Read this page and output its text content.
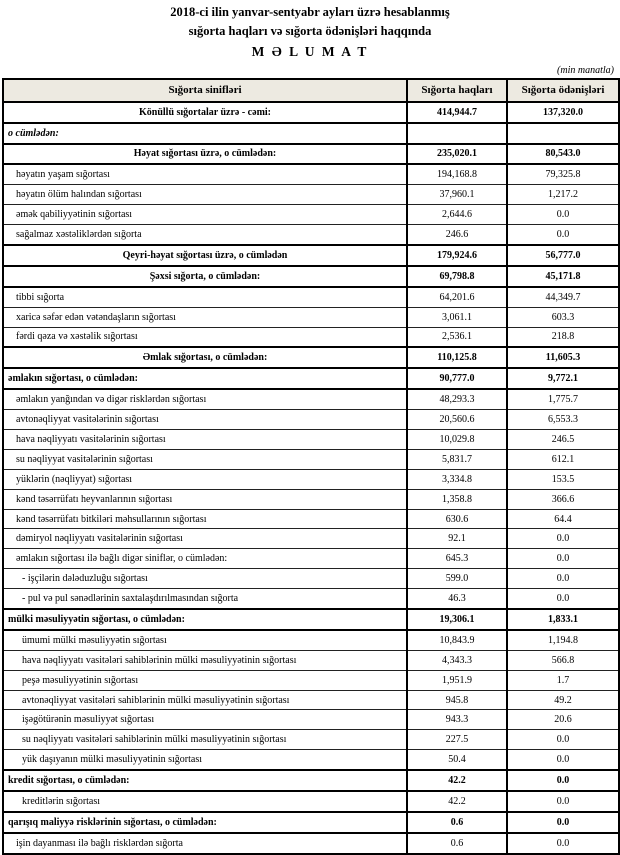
2018-ci ilin yanvar-sentyabr ayları üzrə hesablanmış
sığorta haqları və sığorta ödənişləri haqqında
M Ə L U M A T
(min manatla)
Sığorta sinifləri	Sığorta haqları	Sığorta ödənişləri
Könüllü sığortalar üzrə - cəmi:	414,944.7	137,320.0
o cümlədən:		
Həyat sığortası üzrə, o cümlədən:	235,020.1	80,543.0
həyatın yaşam sığortası	194,168.8	79,325.8
həyatın ölüm halından sığortası	37,960.1	1,217.2
əmək qabiliyyətinin sığortası	2,644.6	0.0
sağalmaz xəstəliklərdən sığorta	246.6	0.0
Qeyri-həyat sığortası üzrə, o cümlədən	179,924.6	56,777.0
Şəxsi sığorta, o cümlədən:	69,798.8	45,171.8
tibbi sığorta	64,201.6	44,349.7
xaricə səfər edən vətəndaşların sığortası	3,061.1	603.3
fərdi qəza və xəstəlik sığortası	2,536.1	218.8
Əmlak sığortası, o cümlədən:	110,125.8	11,605.3
əmlakın sığortası, o cümlədən:	90,777.0	9,772.1
əmlakın yanğından və digər risklərdən sığortası	48,293.3	1,775.7
avtonəqliyyat vasitələrinin sığortası	20,560.6	6,553.3
hava nəqliyyatı vasitələrinin sığortası	10,029.8	246.5
su nəqliyyat vasitələrinin sığortası	5,831.7	612.1
yüklərin (nəqliyyat) sığortası	3,334.8	153.5
kənd təsərrüfatı heyvanlarının sığortası	1,358.8	366.6
kənd təsərrüfatı bitkiləri məhsullarının sığortası	630.6	64.4
dəmiryol nəqliyyatı vasitələrinin sığortası	92.1	0.0
əmlakın sığortası ilə bağlı digər siniflər, o cümlədən:	645.3	0.0
- işçilərin dələduzluğu sığortası	599.0	0.0
- pul və pul sənədlərinin saxtalaşdırılmasından sığorta	46.3	0.0
mülki məsuliyyətin sığortası, o cümlədən:	19,306.1	1,833.1
ümumi mülki məsuliyyətin sığortası	10,843.9	1,194.8
hava nəqliyyatı vasitələri sahiblərinin mülki məsuliyyətinin sığortası	4,343.3	566.8
peşə məsuliyyətinin sığortası	1,951.9	1.7
avtonəqliyyat vasitələri sahiblərinin mülki məsuliyyətinin sığortası	945.8	49.2
işəgötürənin məsuliyyət sığortası	943.3	20.6
su nəqliyyatı vasitələri sahiblərinin mülki məsuliyyətinin sığortası	227.5	0.0
yük daşıyanın mülki məsuliyyətinin sığortası	50.4	0.0
kredit sığortası, o cümlədən:	42.2	0.0
kreditlərin sığortası	42.2	0.0
qarışıq maliyyə risklərinin sığortası, o cümlədən:	0.6	0.0
işin dayanması ilə bağlı risklərdən sığorta	0.6	0.0
